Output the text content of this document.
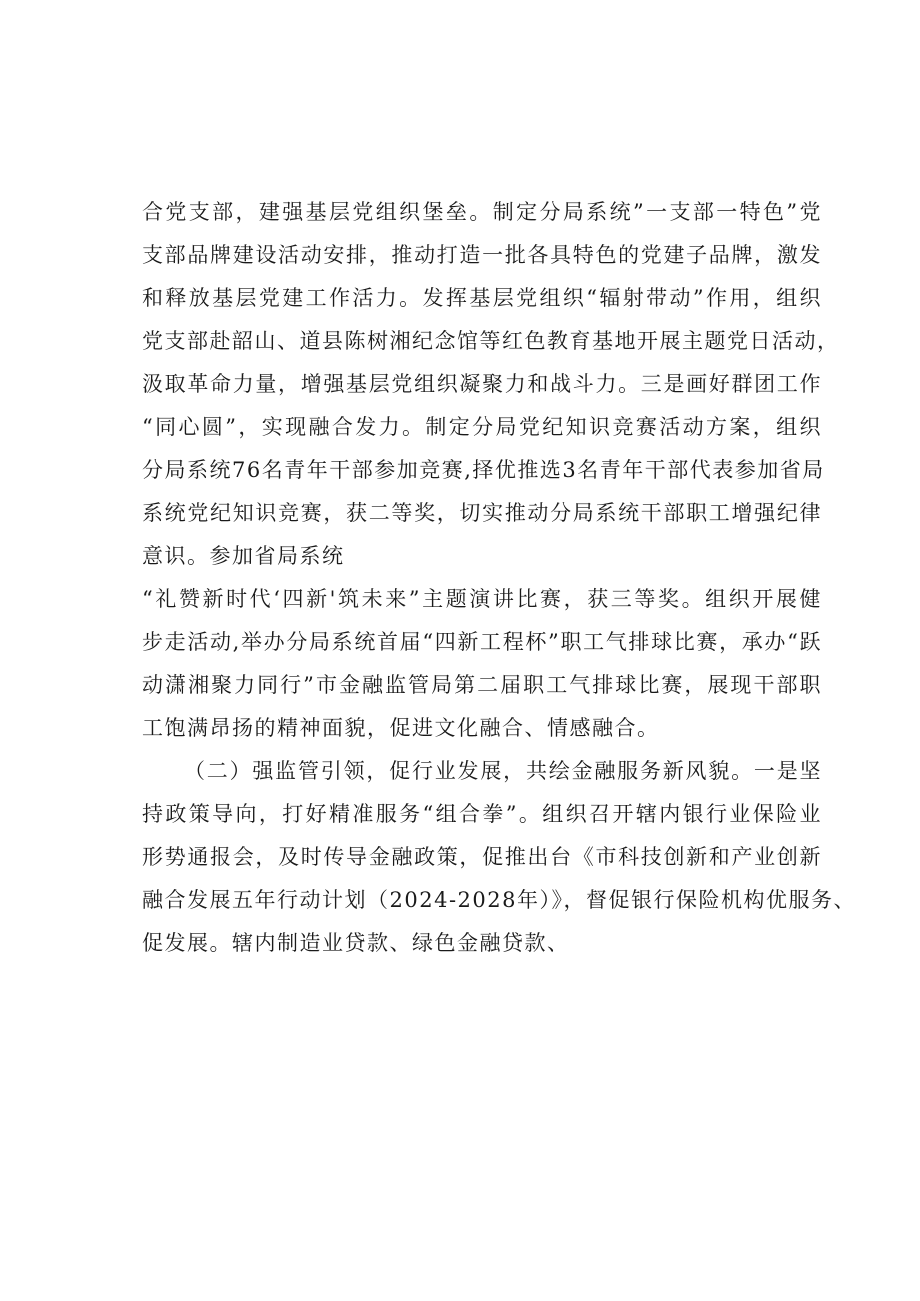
合党支部，建强基层党组织堡垒。制定分局系统”一支部一特色”党
支部品牌建设活动安排，推动打造一批各具特色的党建子品牌，激发
和释放基层党建工作活力。发挥基层党组织“辐射带动”作用，组织
党支部赴韶山、道县陈树湘纪念馆等红色教育基地开展主题党日活动，
汲取革命力量，增强基层党组织凝聚力和战斗力。三是画好群团工作
“同心圆”，实现融合发力。制定分局党纪知识竞赛活动方案，组织
分局系统76名青年干部参加竞赛,择优推选3名青年干部代表参加省局
系统党纪知识竞赛，获二等奖，切实推动分局系统干部职工增强纪律
意识。参加省局系统
“礼赞新时代‘四新'筑未来”主题演讲比赛，获三等奖。组织开展健
步走活动,举办分局系统首届“四新工程杯”职工气排球比赛，承办“跃
动潇湘聚力同行”市金融监管局第二届职工气排球比赛，展现干部职
工饱满昂扬的精神面貌，促进文化融合、情感融合。
（二）强监管引领，促行业发展，共绘金融服务新风貌。一是坚
持政策导向，打好精准服务“组合拳”。组织召开辖内银行业保险业
形势通报会，及时传导金融政策，促推出台《市科技创新和产业创新
融合发展五年行动计划（2024-2028年）》，督促银行保险机构优服务、
促发展。辖内制造业贷款、绿色金融贷款、
